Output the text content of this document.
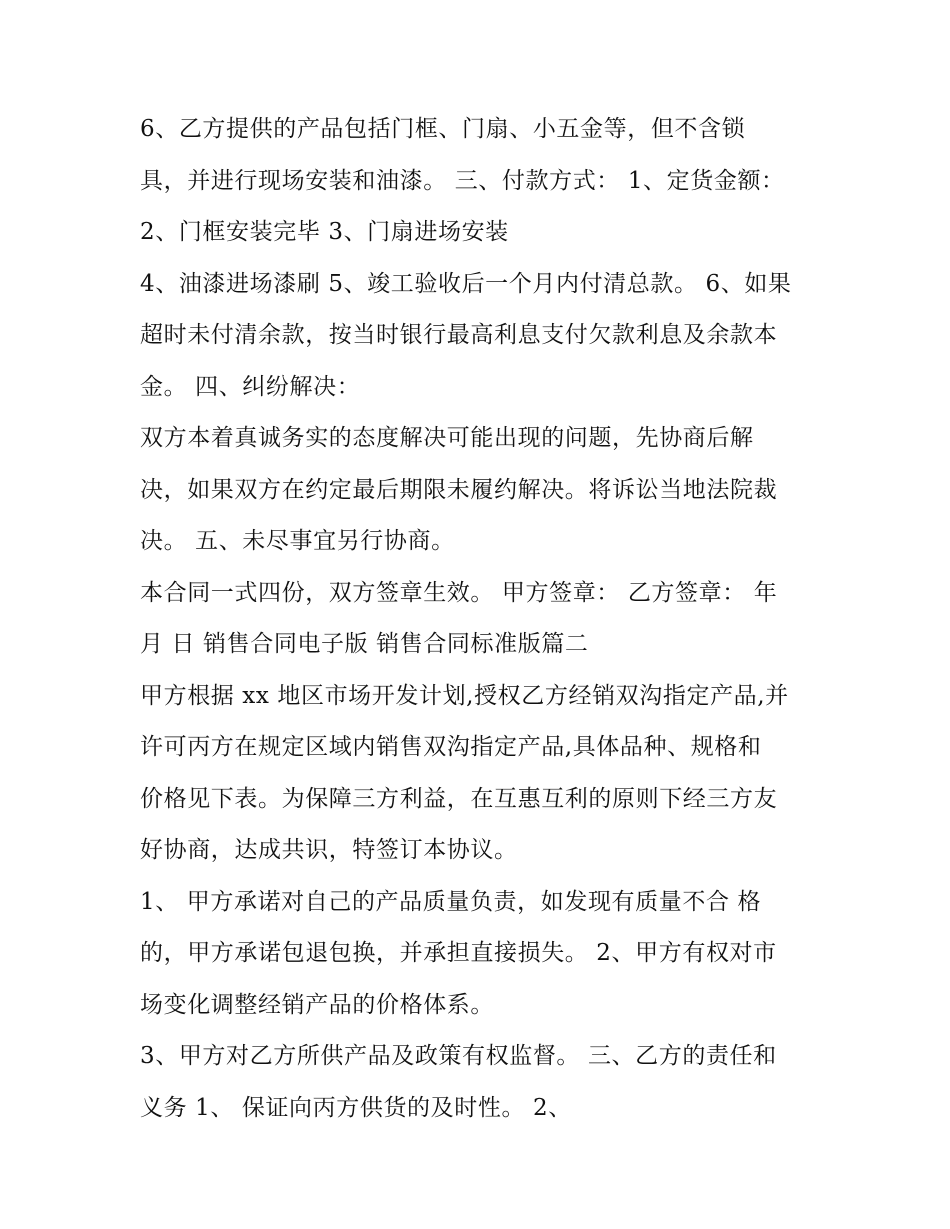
6、乙方提供的产品包括门框、门扇、小五金等，但不含锁
具，并进行现场安装和油漆。 三、付款方式： 1、定货金额：
2、门框安装完毕 3、门扇进场安装
4、油漆进场漆刷 5、竣工验收后一个月内付清总款。 6、如果
超时未付清余款，按当时银行最高利息支付欠款利息及余款本
金。 四、纠纷解决：
双方本着真诚务实的态度解决可能出现的问题，先协商后解
决，如果双方在约定最后期限未履约解决。将诉讼当地法院裁
决。 五、未尽事宜另行协商。
本合同一式四份，双方签章生效。 甲方签章： 乙方签章： 年
月 日 销售合同电子版 销售合同标准版篇二
甲方根据 xx 地区市场开发计划,授权乙方经销双沟指定产品,并
许可丙方在规定区域内销售双沟指定产品,具体品种、规格和
价格见下表。为保障三方利益，在互惠互利的原则下经三方友
好协商，达成共识，特签订本协议。
1、 甲方承诺对自己的产品质量负责，如发现有质量不合 格
的，甲方承诺包退包换，并承担直接损失。 2、甲方有权对市
场变化调整经销产品的价格体系。
3、甲方对乙方所供产品及政策有权监督。 三、乙方的责任和
义务 1、 保证向丙方供货的及时性。 2、
